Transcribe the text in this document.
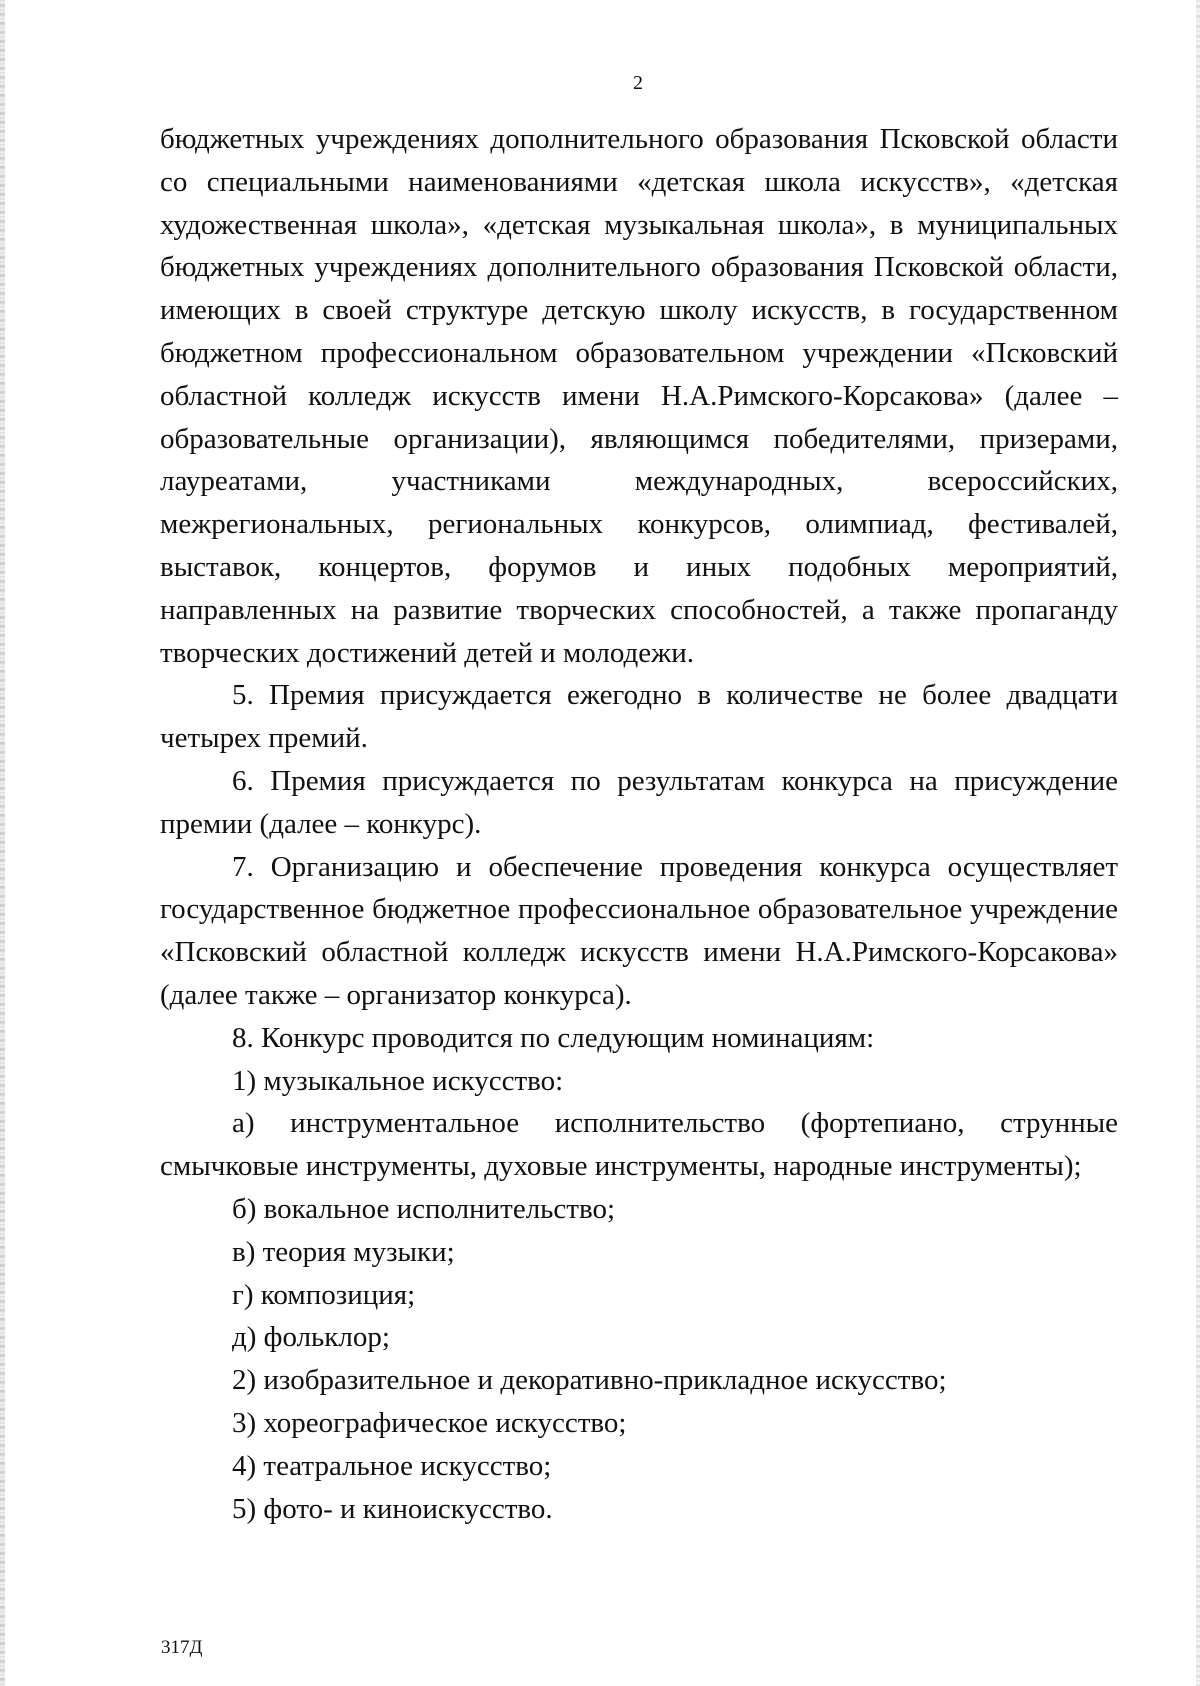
2

бюджетных учреждениях дополнительного образования Псковской области со специальными наименованиями «детская школа искусств», «детская художественная школа», «детская музыкальная школа», в муниципальных бюджетных учреждениях дополнительного образования Псковской области, имеющих в своей структуре детскую школу искусств, в государственном бюджетном профессиональном образовательном учреждении «Псковский областной колледж искусств имени Н.А.Римского-Корсакова» (далее – образовательные организации), являющимся победителями, призерами, лауреатами, участниками международных, всероссийских, межрегиональных, региональных конкурсов, олимпиад, фестивалей, выставок, концертов, форумов и иных подобных мероприятий, направленных на развитие творческих способностей, а также пропаганду творческих достижений детей и молодежи.

5. Премия присуждается ежегодно в количестве не более двадцати четырех премий.

6. Премия присуждается по результатам конкурса на присуждение премии (далее – конкурс).

7. Организацию и обеспечение проведения конкурса осуществляет государственное бюджетное профессиональное образовательное учреждение «Псковский областной колледж искусств имени Н.А.Римского-Корсакова» (далее также – организатор конкурса).

8. Конкурс проводится по следующим номинациям:

1) музыкальное искусство:

а) инструментальное исполнительство (фортепиано, струнные смычковые инструменты, духовые инструменты, народные инструменты);

б) вокальное исполнительство;

в) теория музыки;

г) композиция;

д) фольклор;

2) изобразительное и декоративно-прикладное искусство;

3) хореографическое искусство;

4) театральное искусство;

5) фото- и киноискусство.

317Д
